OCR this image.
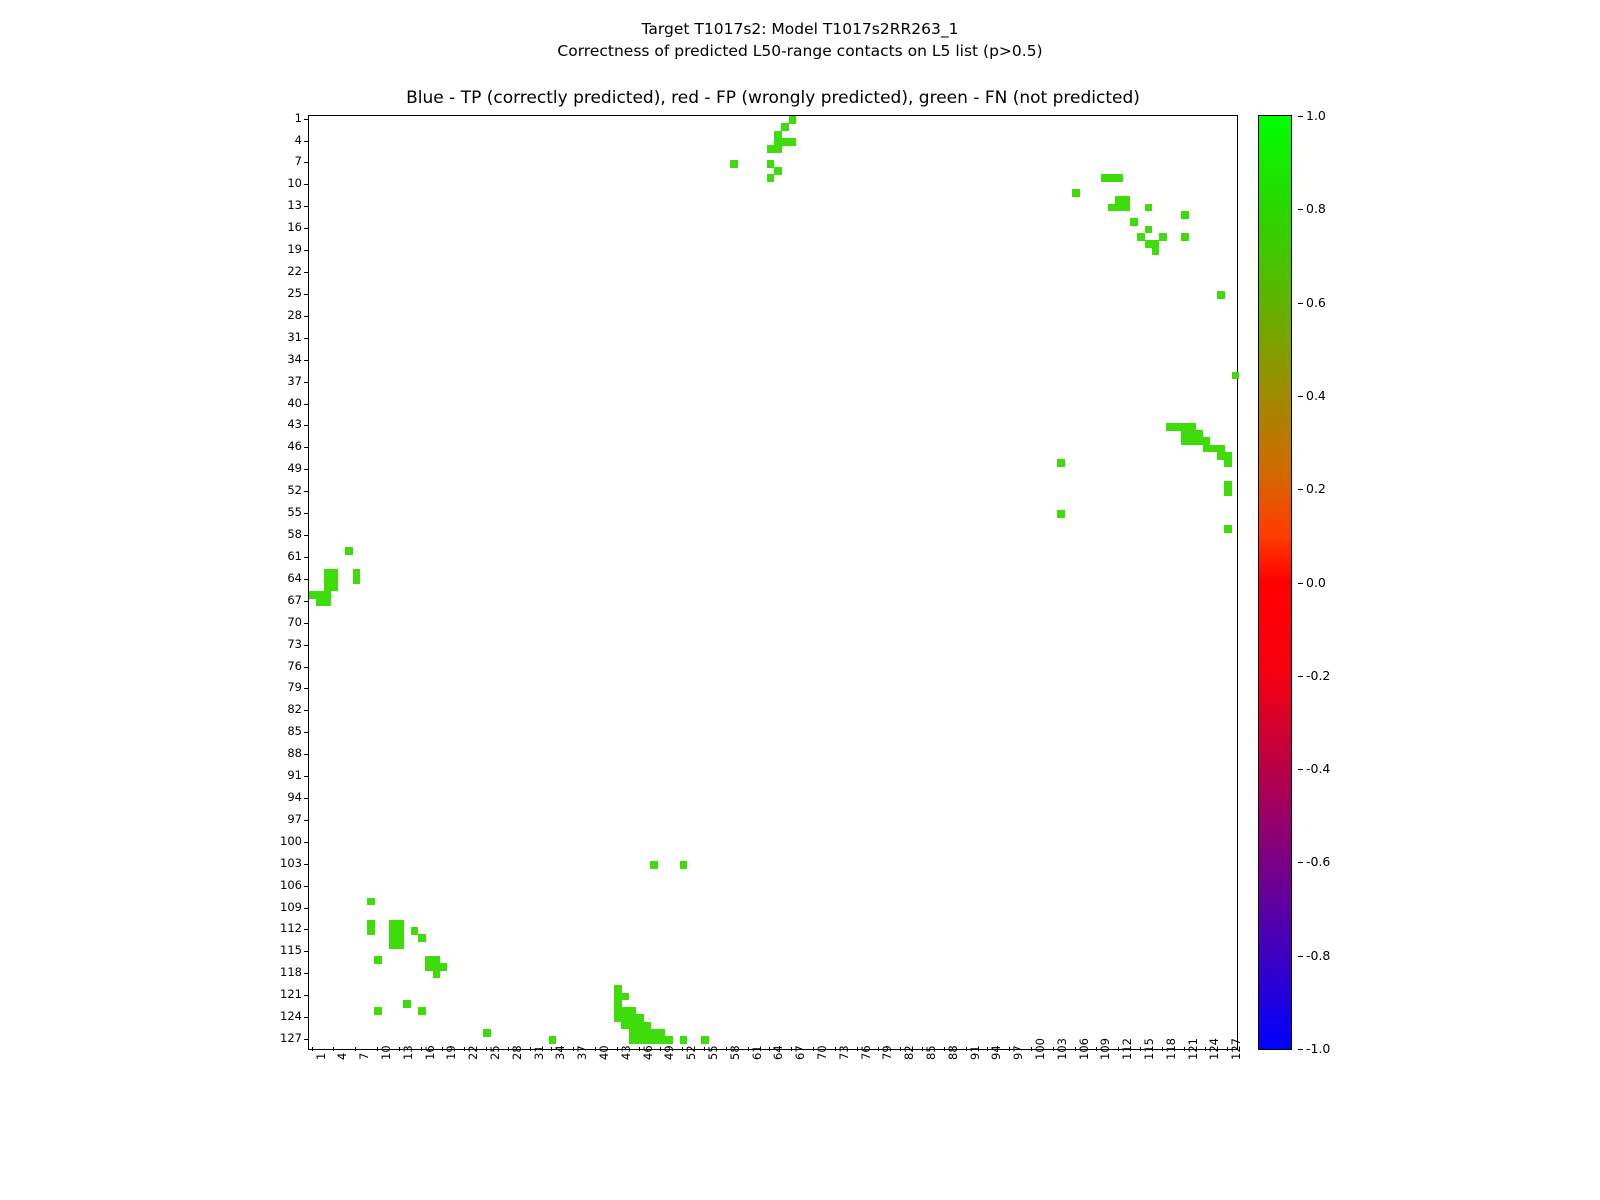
Target T1017s2: Model T1017s2RR263_1
Correctness of predicted L50-range contacts on L5 list (p>0.5)
Blue - TP (correctly predicted), red - FP (wrongly predicted), green - FN (not predicted)
1
4
7
10
13
16
19
22
25
28
31
34
37
40
43
46
49
52
55
58
61
64
67
70
73
76
79
82
85
88
91
94
97
100
103
106
109
112
115
118
121
124
127
1 4 7 10 13 16 19 22 25 28 31 34 37 40 43 46 49 52 55 58 61 64 67 70 73 76 79 82 85 88 91 94 97 100 103 106 109 112 115 118 121 124 127
1.0
0.8
0.6
0.4
0.2
0.0
-0.2
-0.4
-0.6
-0.8
-1.0
